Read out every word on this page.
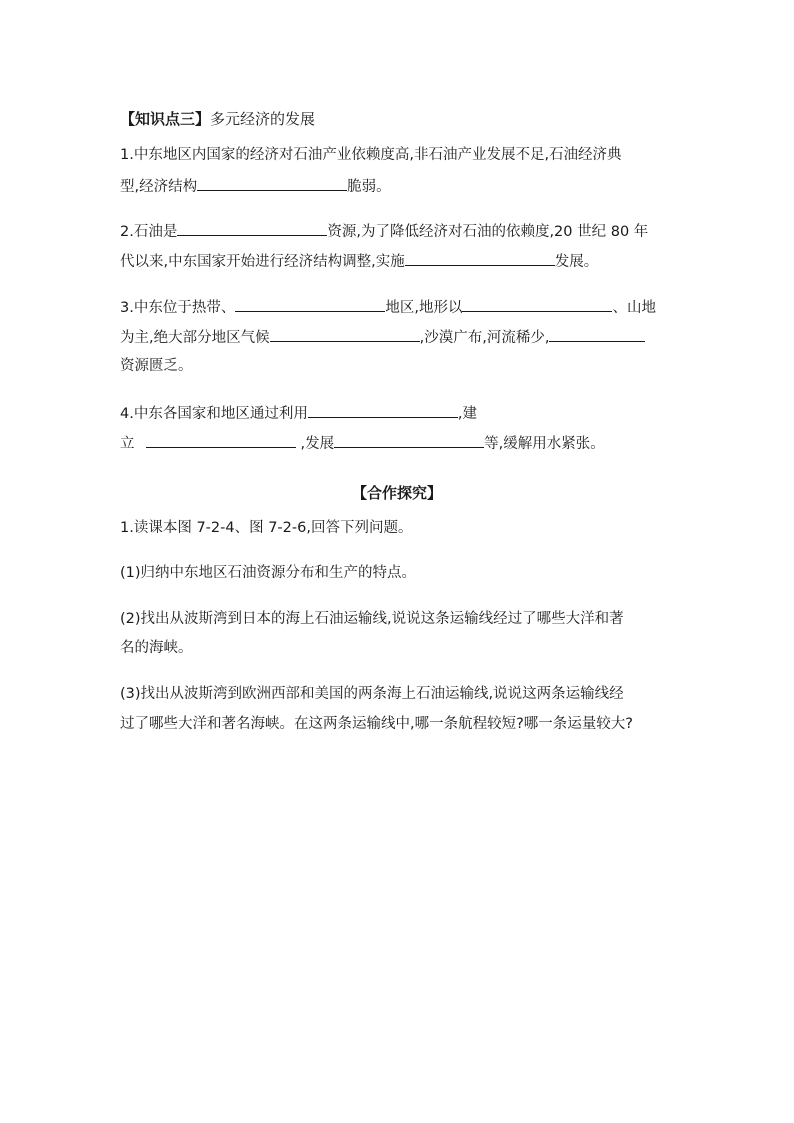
【知识点三】多元经济的发展
1.中东地区内国家的经济对石油产业依赖度高,非石油产业发展不足,石油经济典
型,经济结构	脆弱。
2.石油是	资源,为了降低经济对石油的依赖度,20 世纪 80 年
代以来,中东国家开始进行经济结构调整,实施	发展。
3.中东位于热带、	地区,地形以	、山地
为主,绝大部分地区气候	,沙漠广布,河流稀少,
资源匮乏。
4.中东各国家和地区通过利用	,建
立	,发展	等,缓解用水紧张。
【合作探究】
1.读课本图 7-2-4、图 7-2-6,回答下列问题。
(1)归纳中东地区石油资源分布和生产的特点。
(2)找出从波斯湾到日本的海上石油运输线,说说这条运输线经过了哪些大洋和著
名的海峡。
(3)找出从波斯湾到欧洲西部和美国的两条海上石油运输线,说说这两条运输线经
过了哪些大洋和著名海峡。在这两条运输线中,哪一条航程较短?哪一条运量较大?
